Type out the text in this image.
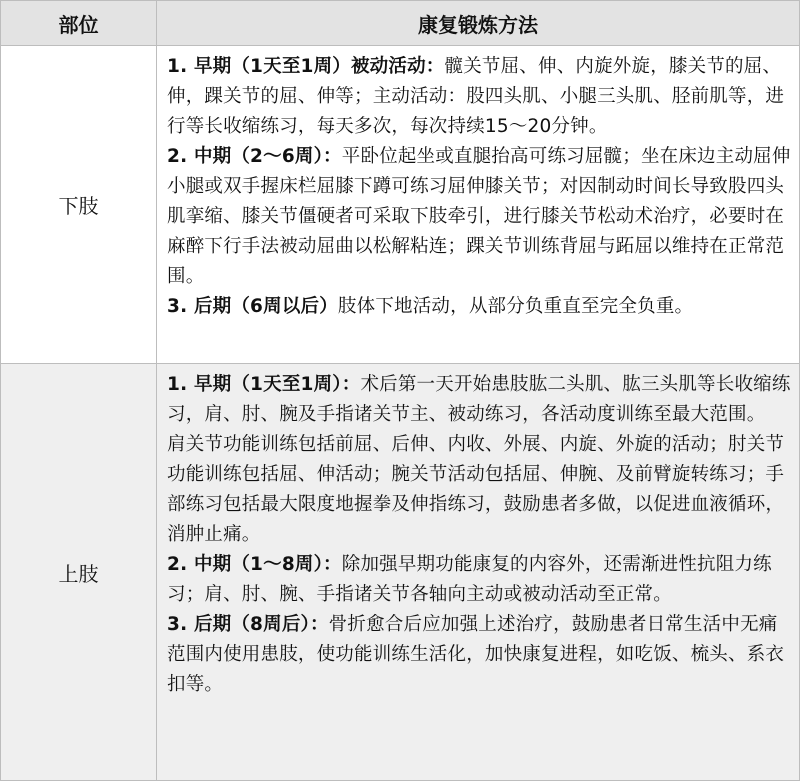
部位	康复锻炼方法
下肢

1. 早期（1天至1周）被动活动：髋关节屈、伸、内旋外旋，膝关节的屈、伸，踝关节的屈、伸等；主动活动：股四头肌、小腿三头肌、胫前肌等，进行等长收缩练习，每天多次，每次持续15～20分钟。

2. 中期（2～6周）：平卧位起坐或直腿抬高可练习屈髋；坐在床边主动屈伸小腿或双手握床栏屈膝下蹲可练习屈伸膝关节；对因制动时间长导致股四头肌挛缩、膝关节僵硬者可采取下肢牵引，进行膝关节松动术治疗，必要时在麻醉下行手法被动屈曲以松解粘连；踝关节训练背屈与跖屈以维持在正常范围。

3. 后期（6周以后）肢体下地活动，从部分负重直至完全负重。

上肢

1. 早期（1天至1周）：术后第一天开始患肢肱二头肌、肱三头肌等长收缩练习，肩、肘、腕及手指诸关节主、被动练习，各活动度训练至最大范围。

肩关节功能训练包括前屈、后伸、内收、外展、内旋、外旋的活动；肘关节功能训练包括屈、伸活动；腕关节活动包括屈、伸腕、及前臂旋转练习；手部练习包括最大限度地握拳及伸指练习，鼓励患者多做，以促进血液循环，消肿止痛。

2. 中期（1～8周）：除加强早期功能康复的内容外，还需渐进性抗阻力练习；肩、肘、腕、手指诸关节各轴向主动或被动活动至正常。

3. 后期（8周后）：骨折愈合后应加强上述治疗，鼓励患者日常生活中无痛范围内使用患肢，使功能训练生活化，加快康复进程，如吃饭、梳头、系衣扣等。
